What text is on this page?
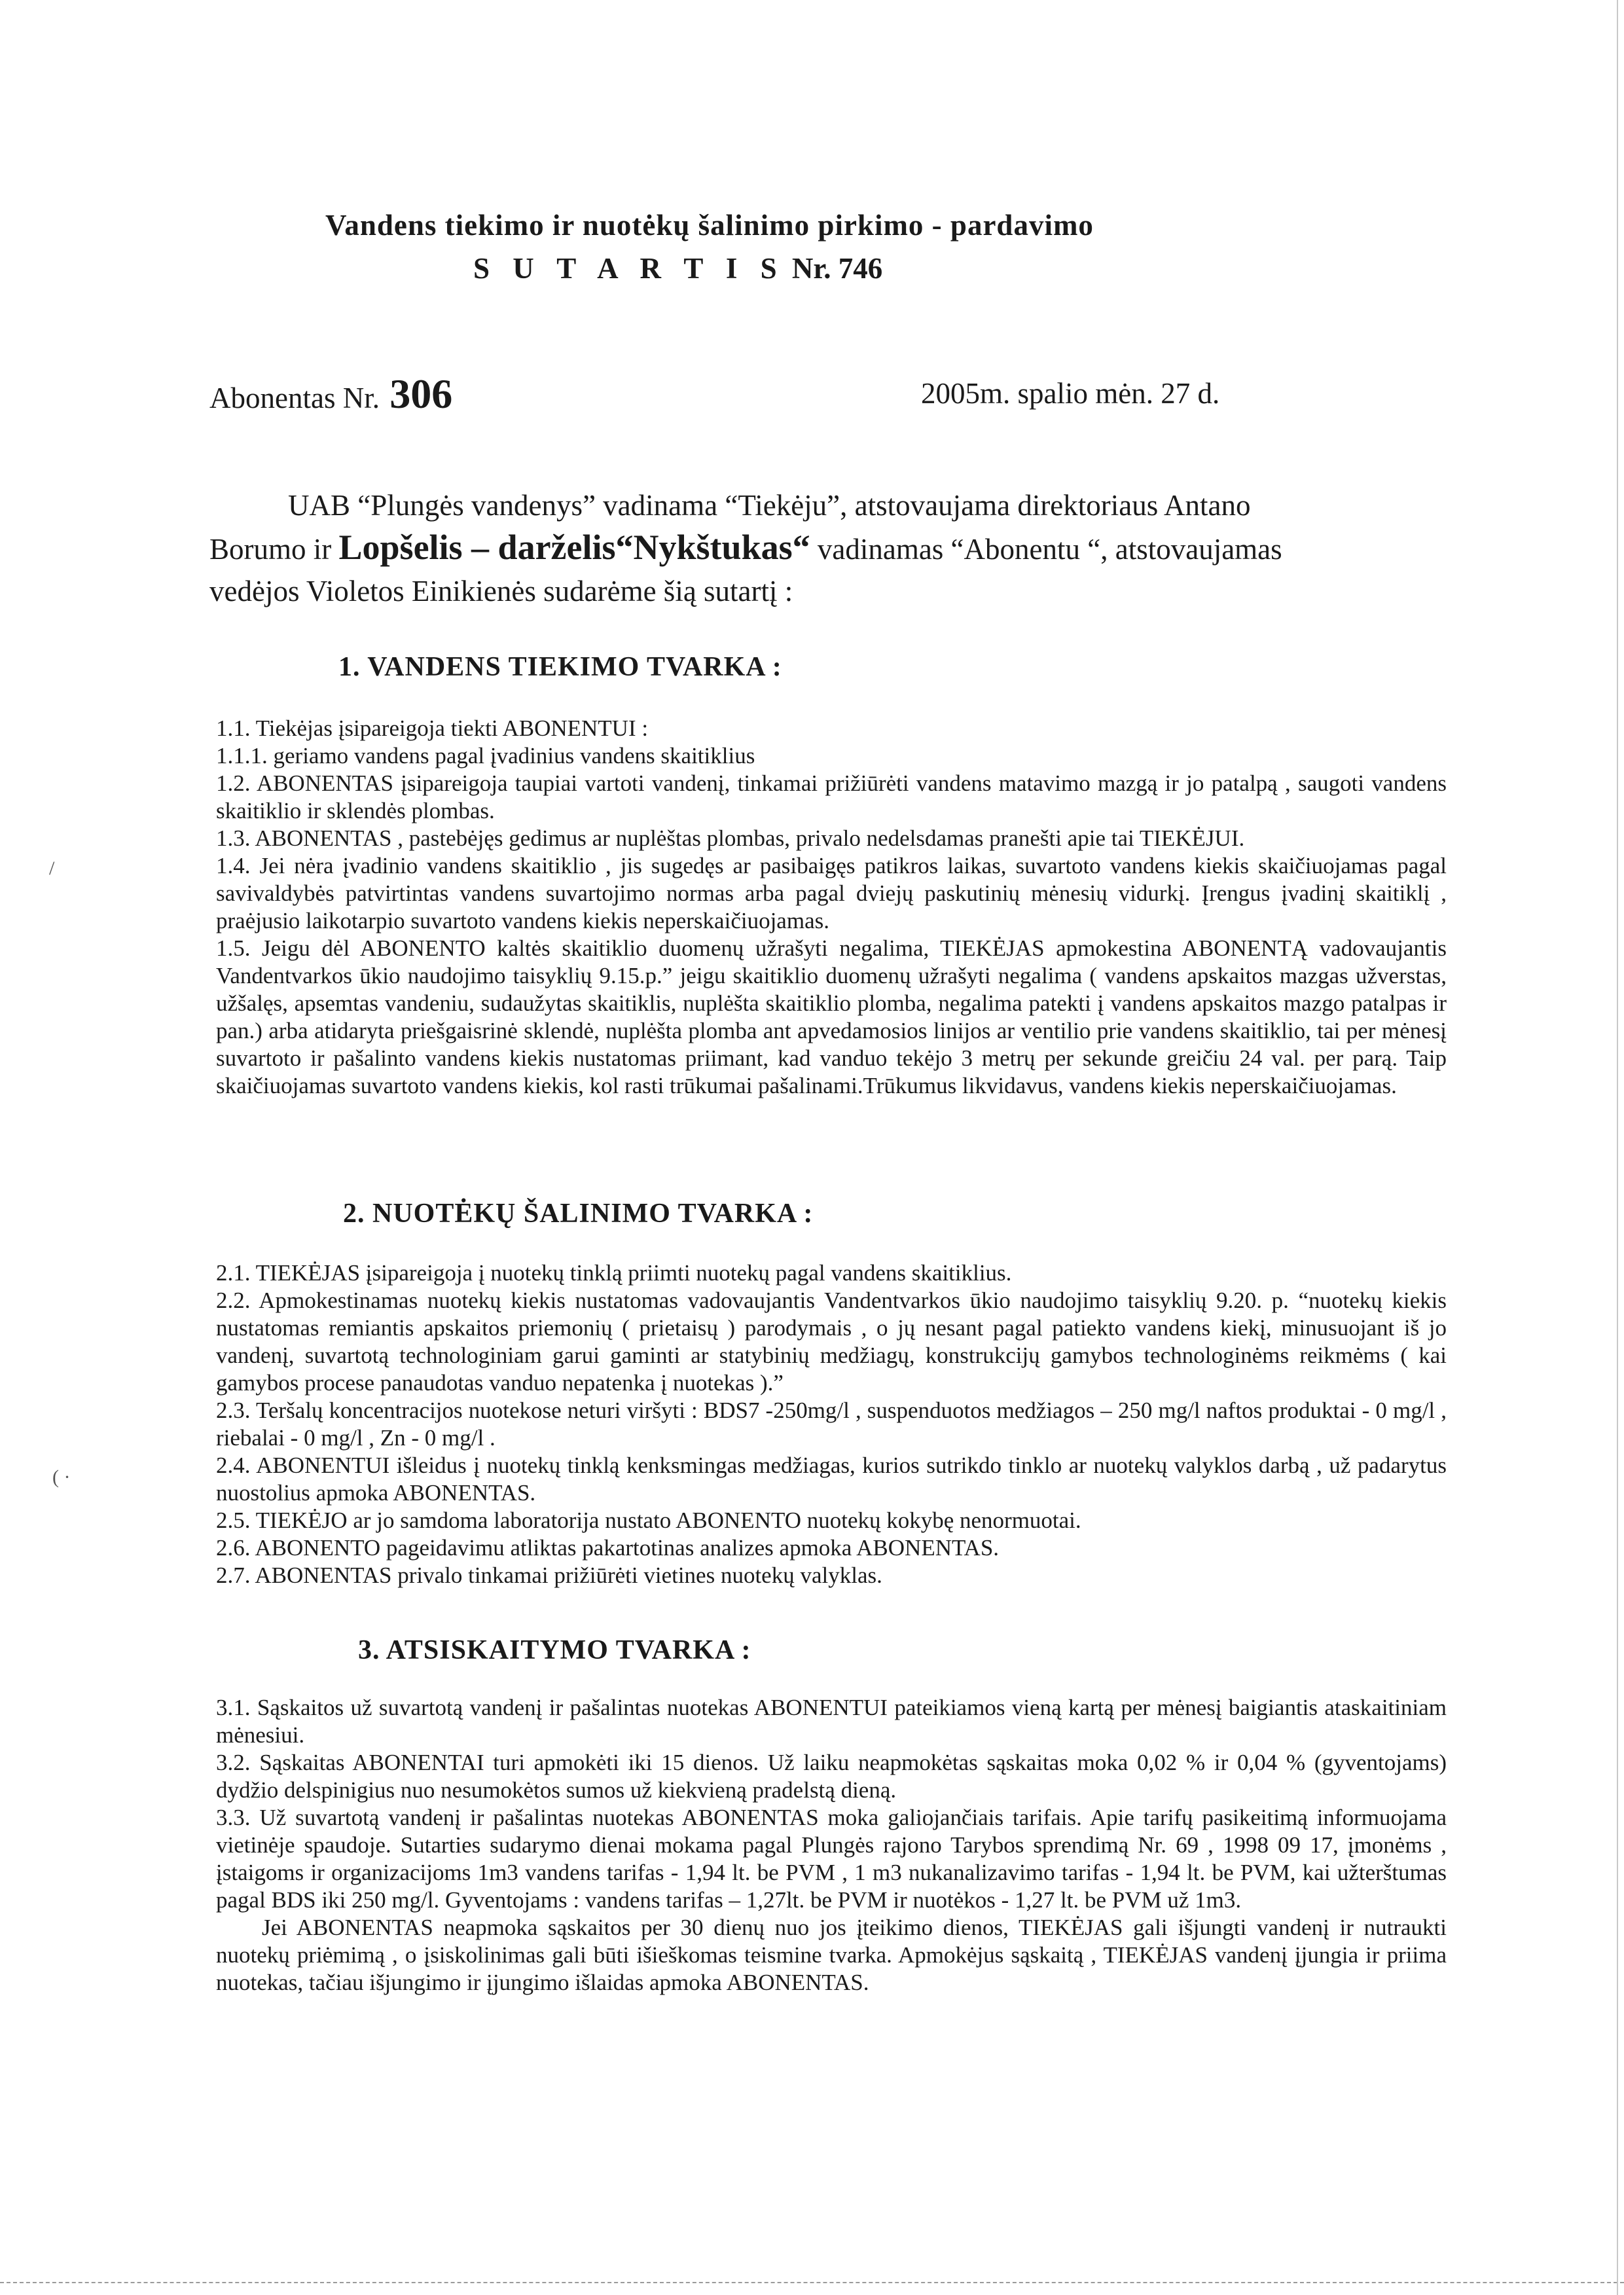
Vandens tiekimo ir nuotėkų šalinimo pirkimo - pardavimo
S U T A R T I S Nr. 746
Abonentas Nr. 306	2005m. spalio mėn. 27 d.
UAB “Plungės vandenys” vadinama “Tiekėju”, atstovaujama direktoriaus Antano
Borumo ir Lopšelis – darželis“Nykštukas“ vadinamas “Abonentu “, atstovaujamas
vedėjos Violetos Einikienės sudarėme šią sutartį :
1. VANDENS TIEKIMO TVARKA :

1.1. Tiekėjas įsipareigoja tiekti ABONENTUI :

1.1.1. geriamo vandens pagal įvadinius vandens skaitiklius

1.2. ABONENTAS įsipareigoja taupiai vartoti vandenį, tinkamai prižiūrėti vandens matavimo mazgą ir jo patalpą , saugoti vandens skaitiklio ir sklendės plombas.

1.3. ABONENTAS , pastebėjęs gedimus ar nuplėštas plombas, privalo nedelsdamas pranešti apie tai TIEKĖJUI.

1.4. Jei nėra įvadinio vandens skaitiklio , jis sugedęs ar pasibaigęs patikros laikas, suvartoto vandens kiekis skaičiuojamas pagal savivaldybės patvirtintas vandens suvartojimo normas arba pagal dviejų paskutinių mėnesių vidurkį. Įrengus įvadinį skaitiklį , praėjusio laikotarpio suvartoto vandens kiekis neperskaičiuojamas.

1.5. Jeigu dėl ABONENTO kaltės skaitiklio duomenų užrašyti negalima, TIEKĖJAS apmokestina ABONENTĄ vadovaujantis Vandentvarkos ūkio naudojimo taisyklių 9.15.p.” jeigu skaitiklio duomenų užrašyti negalima ( vandens apskaitos mazgas užverstas, užšalęs, apsemtas vandeniu, sudaužytas skaitiklis, nuplėšta skaitiklio plomba, negalima patekti į vandens apskaitos mazgo patalpas ir pan.) arba atidaryta priešgaisrinė sklendė, nuplėšta plomba ant apvedamosios linijos ar ventilio prie vandens skaitiklio, tai per mėnesį suvartoto ir pašalinto vandens kiekis nustatomas priimant, kad vanduo tekėjo 3 metrų per sekunde greičiu 24 val. per parą. Taip skaičiuojamas suvartoto vandens kiekis, kol rasti trūkumai pašalinami.Trūkumus likvidavus, vandens kiekis neperskaičiuojamas.

2. NUOTĖKŲ ŠALINIMO TVARKA :

2.1. TIEKĖJAS įsipareigoja į nuotekų tinklą priimti nuotekų pagal vandens skaitiklius.

2.2. Apmokestinamas nuotekų kiekis nustatomas vadovaujantis Vandentvarkos ūkio naudojimo taisyklių 9.20. p. “nuotekų kiekis nustatomas remiantis apskaitos priemonių ( prietaisų ) parodymais , o jų nesant pagal patiekto vandens kiekį, minusuojant iš jo vandenį, suvartotą technologiniam garui gaminti ar statybinių medžiagų, konstrukcijų gamybos technologinėms reikmėms ( kai gamybos procese panaudotas vanduo nepatenka į nuotekas ).”

2.3. Teršalų koncentracijos nuotekose neturi viršyti : BDS7 -250mg/l , suspenduotos medžiagos – 250 mg/l naftos produktai - 0 mg/l , riebalai - 0 mg/l , Zn - 0 mg/l .

2.4. ABONENTUI išleidus į nuotekų tinklą kenksmingas medžiagas, kurios sutrikdo tinklo ar nuotekų valyklos darbą , už padarytus nuostolius apmoka ABONENTAS.

2.5. TIEKĖJO ar jo samdoma laboratorija nustato ABONENTO nuotekų kokybę nenormuotai.

2.6. ABONENTO pageidavimu atliktas pakartotinas analizes apmoka ABONENTAS.

2.7. ABONENTAS privalo tinkamai prižiūrėti vietines nuotekų valyklas.

3. ATSISKAITYMO TVARKA :

3.1. Sąskaitos už suvartotą vandenį ir pašalintas nuotekas ABONENTUI pateikiamos vieną kartą per mėnesį baigiantis ataskaitiniam mėnesiui.

3.2. Sąskaitas ABONENTAI turi apmokėti iki 15 dienos. Už laiku neapmokėtas sąskaitas moka 0,02 % ir 0,04 % (gyventojams) dydžio delspinigius nuo nesumokėtos sumos už kiekvieną pradelstą dieną.

3.3. Už suvartotą vandenį ir pašalintas nuotekas ABONENTAS moka galiojančiais tarifais. Apie tarifų pasikeitimą informuojama vietinėje spaudoje. Sutarties sudarymo dienai mokama pagal Plungės rajono Tarybos sprendimą Nr. 69 , 1998 09 17, įmonėms , įstaigoms ir organizacijoms 1m3 vandens tarifas - 1,94 lt. be PVM , 1 m3 nukanalizavimo tarifas - 1,94 lt. be PVM, kai užterštumas pagal BDS iki 250 mg/l. Gyventojams : vandens tarifas – 1,27lt. be PVM ir nuotėkos - 1,27 lt. be PVM už 1m3.

Jei ABONENTAS neapmoka sąskaitos per 30 dienų nuo jos įteikimo dienos, TIEKĖJAS gali išjungti vandenį ir nutraukti nuotekų priėmimą , o įsiskolinimas gali būti išieškomas teismine tvarka. Apmokėjus sąskaitą , TIEKĖJAS vandenį įjungia ir priima nuotekas, tačiau išjungimo ir įjungimo išlaidas apmoka ABONENTAS.

/
( ·
